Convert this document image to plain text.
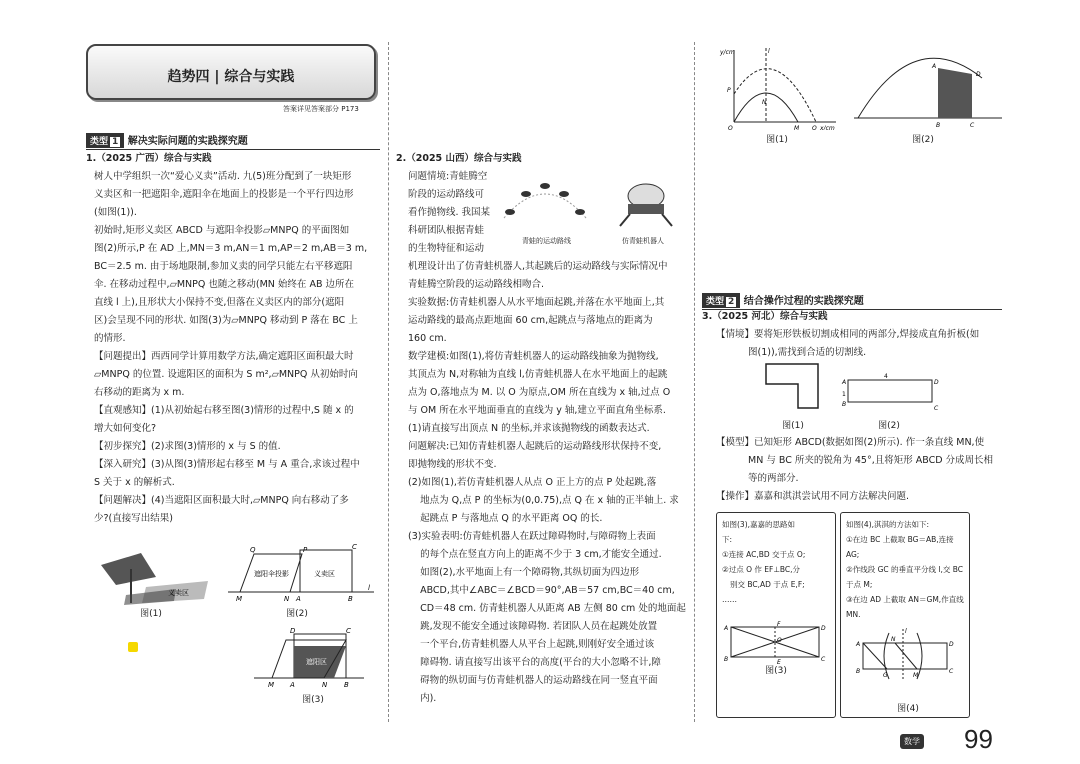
趋势四 | 综合与实践
答案详见答案部分 P173
类型 1 解决实际问题的实践探究题
1.（2025 广西）综合与实践

树人中学组织一次“爱心义卖”活动. 九(5)班分配到了一块矩形

义卖区和一把遮阳伞,遮阳伞在地面上的投影是一个平行四边形

(如图(1)).

初始时,矩形义卖区 ABCD 与遮阳伞投影▱MNPQ 的平面图如

图(2)所示,P 在 AD 上,MN＝3 m,AN＝1 m,AP＝2 m,AB＝3 m,

BC＝2.5 m. 由于场地限制,参加义卖的同学只能左右平移遮阳

伞. 在移动过程中,▱MNPQ 也随之移动(MN 始终在 AB 边所在

直线 l 上),且形状大小保持不变,但落在义卖区内的部分(遮阳

区)会呈现不同的形状. 如图(3)为▱MNPQ 移动到 P 落在 BC 上

的情形.

【问题提出】西西同学计算用数学方法,确定遮阳区面积最大时

▱MNPQ 的位置. 设遮阳区的面积为 S m²,▱MNPQ 从初始时向

右移动的距离为 x m.

【直观感知】(1)从初始起右移至图(3)情形的过程中,S 随 x 的

增大如何变化?

【初步探究】(2)求图(3)情形的 x 与 S 的值.

【深入研究】(3)从图(3)情形起右移至 M 与 A 重合,求该过程中

S 关于 x 的解析式.

【问题解决】(4)当遮阳区面积最大时,▱MNPQ 向右移动了多

少?(直接写出结果)

义卖区
图(1)
l
遮阳伞投影	义卖区
M	N A	B
Q	P	C
图(2)
遮阳区
M A	N B
D	C
图(3)
2.（2025 山西）综合与实践

问题情境:青蛙腾空

阶段的运动路线可

看作抛物线. 我国某

科研团队根据青蛙

的生物特征和运动

青蛙的运动路线	仿青蛙机器人

机理设计出了仿青蛙机器人,其起跳后的运动路线与实际情况中

青蛙腾空阶段的运动路线相吻合.

实验数据:仿青蛙机器人从水平地面起跳,并落在水平地面上,其

运动路线的最高点距地面 60 cm,起跳点与落地点的距离为

160 cm.

数学建模:如图(1),将仿青蛙机器人的运动路线抽象为抛物线,

其顶点为 N,对称轴为直线 l,仿青蛙机器人在水平地面上的起跳

点为 O,落地点为 M. 以 O 为原点,OM 所在直线为 x 轴,过点 O

与 OM 所在水平地面垂直的直线为 y 轴,建立平面直角坐标系.

(1)请直接写出顶点 N 的坐标,并求该抛物线的函数表达式.

问题解决:已知仿青蛙机器人起跳后的运动路线形状保持不变,

即抛物线的形状不变.

(2)如图(1),若仿青蛙机器人从点 O 正上方的点 P 处起跳,落

地点为 Q,点 P 的坐标为(0,0.75),点 Q 在 x 轴的正半轴上. 求

起跳点 P 与落地点 Q 的水平距离 OQ 的长.

(3)实验表明:仿青蛙机器人在跃过障碍物时,与障碍物上表面

的每个点在竖直方向上的距离不少于 3 cm,才能安全通过.

如图(2),水平地面上有一个障碍物,其纵切面为四边形

ABCD,其中∠ABC＝∠BCD＝90°,AB＝57 cm,BC＝40 cm,

CD＝48 cm. 仿青蛙机器人从距离 AB 左侧 80 cm 处的地面起

跳,发现不能安全通过该障碍物. 若团队人员在起跳处放置

一个平台,仿青蛙机器人从平台上起跳,则刚好安全通过该

障碍物. 请直接写出该平台的高度(平台的大小忽略不计,障

碍物的纵切面与仿青蛙机器人的运动路线在同一竖直平面

内).

y/cm
x/cm
l
N
P
O	M Q
图(1)
A
D
B	C
图(2)
类型 2 结合操作过程的实践探究题
3.（2025 河北）综合与实践

【情境】要将矩形铁板切割成相同的两部分,焊接成直角折板(如

图(1)),需找到合适的切割线.

图(1)
4
1
A	D
B
C
图(2)

【模型】已知矩形 ABCD(数据如图(2)所示). 作一条直线 MN,使

MN 与 BC 所夹的锐角为 45°,且将矩形 ABCD 分成周长相

等的两部分.

【操作】嘉嘉和淇淇尝试用不同方法解决问题.

如图(3),嘉嘉的思路如
下:
①连接 AC,BD 交于点 O;
②过点 O 作 EF⊥BC,分
别交 BC,AD 于点 E,F;
……
A	D
B	C
F
O
E
图(3)
如图(4),淇淇的方法如下:
①在边 BC 上截取 BG＝AB,连接 AG;
②作线段 GC 的垂直平分线 l,交 BC
于点 M;
③在边 AD 上截取 AN＝GM,作直线
MN.
A	D
B	C
N
G	M
l
图(4)
数学 99
